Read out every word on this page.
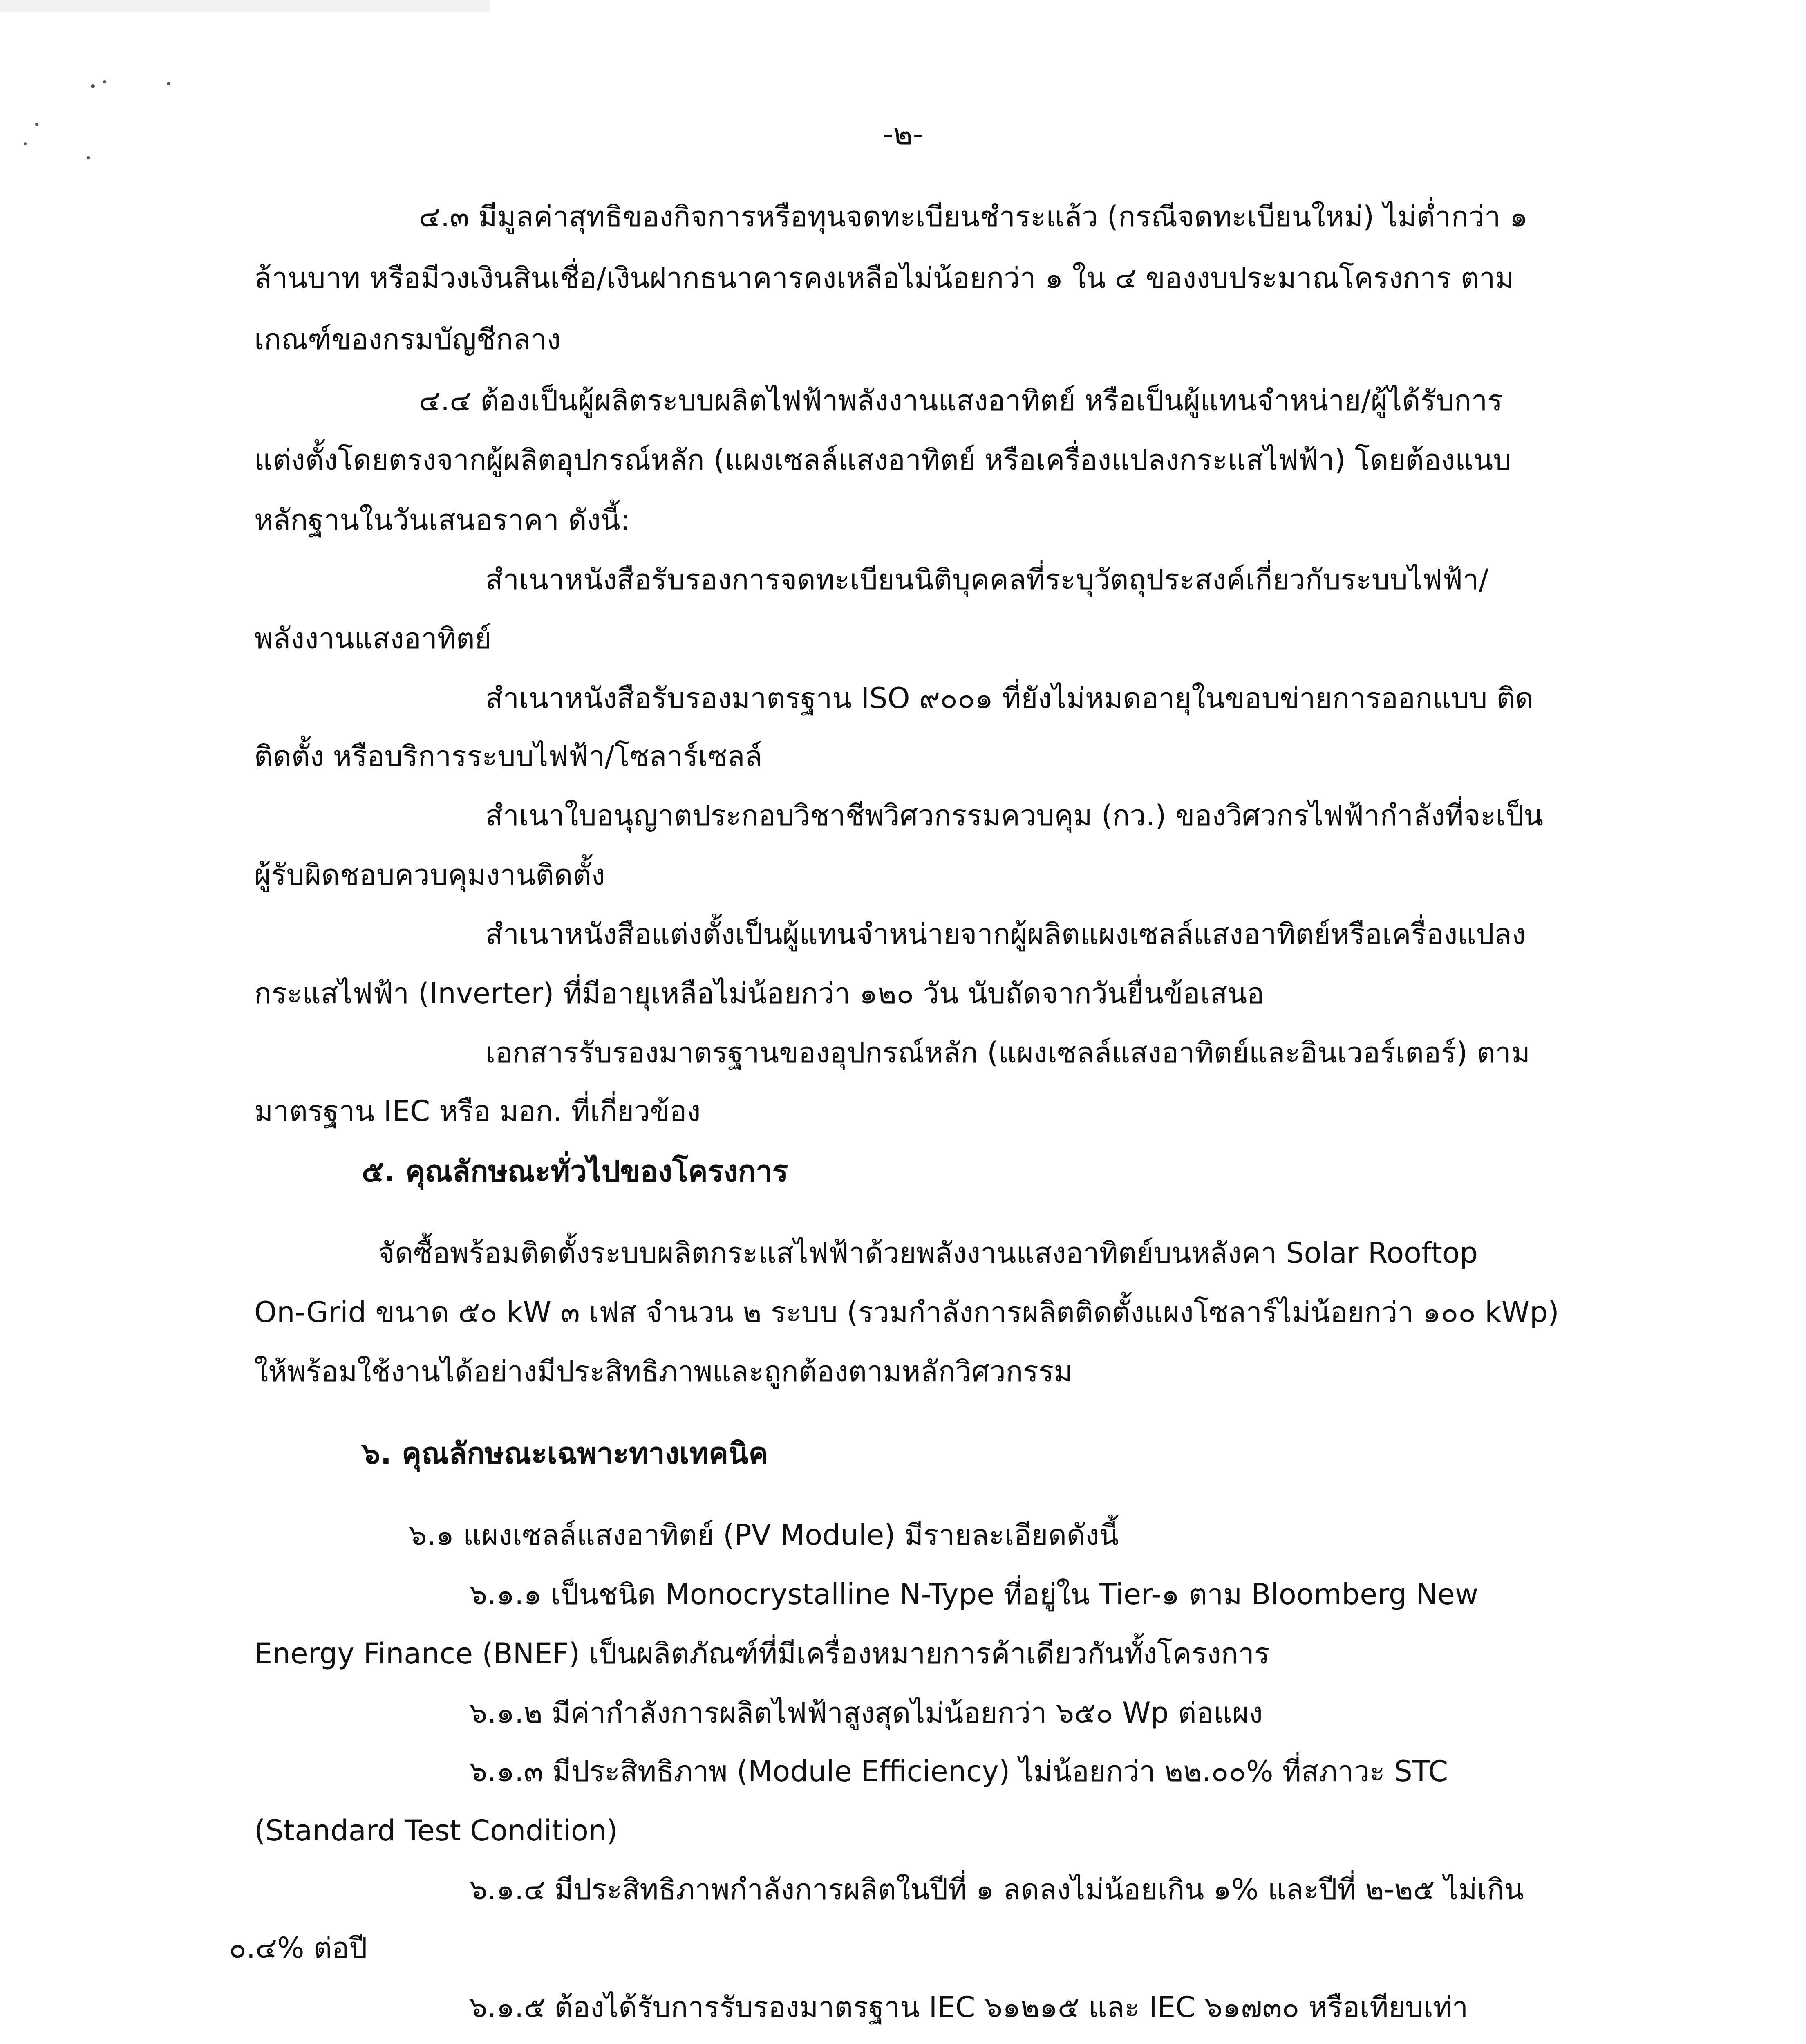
-๒-
๔.๓ มีมูลค่าสุทธิของกิจการหรือทุนจดทะเบียนชำระแล้ว (กรณีจดทะเบียนใหม่) ไม่ต่ำกว่า ๑
ล้านบาท หรือมีวงเงินสินเชื่อ/เงินฝากธนาคารคงเหลือไม่น้อยกว่า ๑ ใน ๔ ของงบประมาณโครงการ ตาม
เกณฑ์ของกรมบัญชีกลาง
๔.๔ ต้องเป็นผู้ผลิตระบบผลิตไฟฟ้าพลังงานแสงอาทิตย์ หรือเป็นผู้แทนจำหน่าย/ผู้ได้รับการ
แต่งตั้งโดยตรงจากผู้ผลิตอุปกรณ์หลัก (แผงเซลล์แสงอาทิตย์ หรือเครื่องแปลงกระแสไฟฟ้า) โดยต้องแนบ
หลักฐานในวันเสนอราคา ดังนี้:
สำเนาหนังสือรับรองการจดทะเบียนนิติบุคคลที่ระบุวัตถุประสงค์เกี่ยวกับระบบไฟฟ้า/
พลังงานแสงอาทิตย์
สำเนาหนังสือรับรองมาตรฐาน ISO ๙๐๐๑ ที่ยังไม่หมดอายุในขอบข่ายการออกแบบ ติด
ติดตั้ง หรือบริการระบบไฟฟ้า/โซลาร์เซลล์
สำเนาใบอนุญาตประกอบวิชาชีพวิศวกรรมควบคุม (กว.) ของวิศวกรไฟฟ้ากำลังที่จะเป็น
ผู้รับผิดชอบควบคุมงานติดตั้ง
สำเนาหนังสือแต่งตั้งเป็นผู้แทนจำหน่ายจากผู้ผลิตแผงเซลล์แสงอาทิตย์หรือเครื่องแปลง
กระแสไฟฟ้า (Inverter) ที่มีอายุเหลือไม่น้อยกว่า ๑๒๐ วัน นับถัดจากวันยื่นข้อเสนอ
เอกสารรับรองมาตรฐานของอุปกรณ์หลัก (แผงเซลล์แสงอาทิตย์และอินเวอร์เตอร์) ตาม
มาตรฐาน IEC หรือ มอก. ที่เกี่ยวข้อง
๕. คุณลักษณะทั่วไปของโครงการ
จัดซื้อพร้อมติดตั้งระบบผลิตกระแสไฟฟ้าด้วยพลังงานแสงอาทิตย์บนหลังคา Solar Rooftop
On-Grid ขนาด ๕๐ kW ๓ เฟส จำนวน ๒ ระบบ (รวมกำลังการผลิตติดตั้งแผงโซลาร์ไม่น้อยกว่า ๑๐๐ kWp)
ให้พร้อมใช้งานได้อย่างมีประสิทธิภาพและถูกต้องตามหลักวิศวกรรม
๖. คุณลักษณะเฉพาะทางเทคนิค
๖.๑ แผงเซลล์แสงอาทิตย์ (PV Module) มีรายละเอียดดังนี้
๖.๑.๑ เป็นชนิด Monocrystalline N-Type ที่อยู่ใน Tier-๑ ตาม Bloomberg New
Energy Finance (BNEF) เป็นผลิตภัณฑ์ที่มีเครื่องหมายการค้าเดียวกันทั้งโครงการ
๖.๑.๒ มีค่ากำลังการผลิตไฟฟ้าสูงสุดไม่น้อยกว่า ๖๕๐ Wp ต่อแผง
๖.๑.๓ มีประสิทธิภาพ (Module Efficiency) ไม่น้อยกว่า ๒๒.๐๐% ที่สภาวะ STC
(Standard Test Condition)
๖.๑.๔ มีประสิทธิภาพกำลังการผลิตในปีที่ ๑ ลดลงไม่น้อยเกิน ๑% และปีที่ ๒-๒๕ ไม่เกิน
๐.๔% ต่อปี
๖.๑.๕ ต้องได้รับการรับรองมาตรฐาน IEC ๖๑๒๑๕ และ IEC ๖๑๗๓๐ หรือเทียบเท่า
